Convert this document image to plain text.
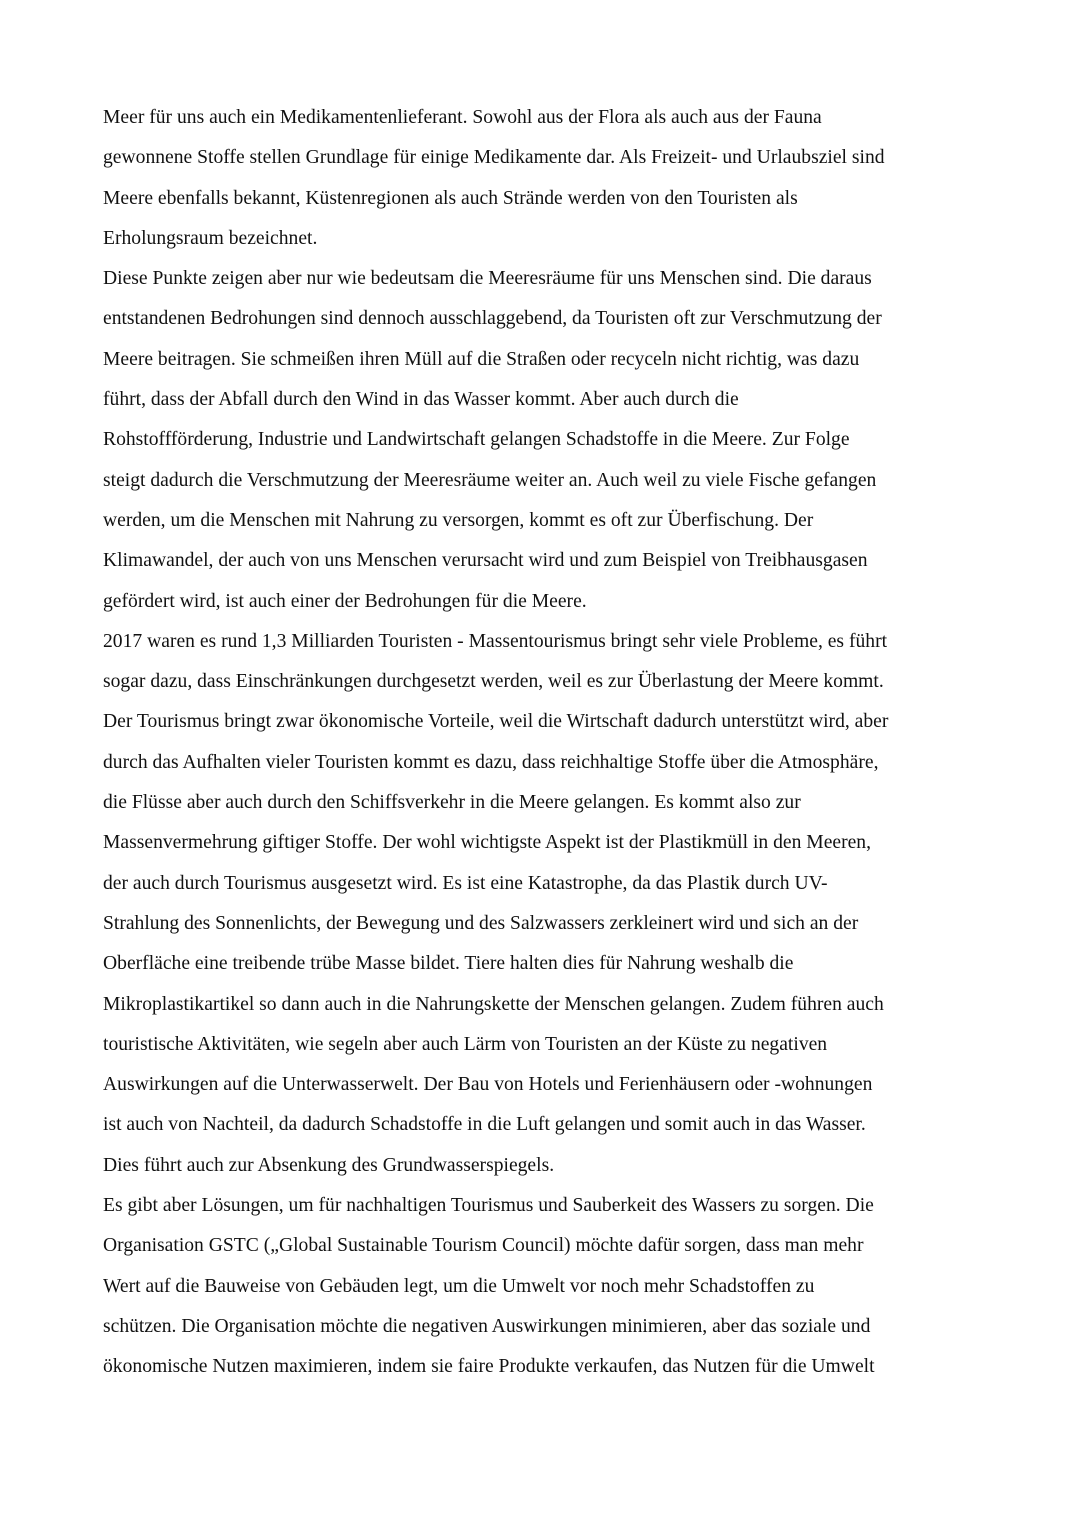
Meer für uns auch ein Medikamentenlieferant. Sowohl aus der Flora als auch aus der Fauna
gewonnene Stoffe stellen Grundlage für einige Medikamente dar. Als Freizeit- und Urlaubsziel sind
Meere ebenfalls bekannt, Küstenregionen als auch Strände werden von den Touristen als
Erholungsraum bezeichnet.
Diese Punkte zeigen aber nur wie bedeutsam die Meeresräume für uns Menschen sind. Die daraus
entstandenen Bedrohungen sind dennoch ausschlaggebend, da Touristen oft zur Verschmutzung der
Meere beitragen. Sie schmeißen ihren Müll auf die Straßen oder recyceln nicht richtig, was dazu
führt, dass der Abfall durch den Wind in das Wasser kommt. Aber auch durch die
Rohstoffförderung, Industrie und Landwirtschaft gelangen Schadstoffe in die Meere. Zur Folge
steigt dadurch die Verschmutzung der Meeresräume weiter an. Auch weil zu viele Fische gefangen
werden, um die Menschen mit Nahrung zu versorgen, kommt es oft zur Überfischung. Der
Klimawandel, der auch von uns Menschen verursacht wird und zum Beispiel von Treibhausgasen
gefördert wird, ist auch einer der Bedrohungen für die Meere.
2017 waren es rund 1,3 Milliarden Touristen - Massentourismus bringt sehr viele Probleme, es führt
sogar dazu, dass Einschränkungen durchgesetzt werden, weil es zur Überlastung der Meere kommt.
Der Tourismus bringt zwar ökonomische Vorteile, weil die Wirtschaft dadurch unterstützt wird, aber
durch das Aufhalten vieler Touristen kommt es dazu, dass reichhaltige Stoffe über die Atmosphäre,
die Flüsse aber auch durch den Schiffsverkehr in die Meere gelangen. Es kommt also zur
Massenvermehrung giftiger Stoffe. Der wohl wichtigste Aspekt ist der Plastikmüll in den Meeren,
der auch durch Tourismus ausgesetzt wird. Es ist eine Katastrophe, da das Plastik durch UV-
Strahlung des Sonnenlichts, der Bewegung und des Salzwassers zerkleinert wird und sich an der
Oberfläche eine treibende trübe Masse bildet. Tiere halten dies für Nahrung weshalb die
Mikroplastikartikel so dann auch in die Nahrungskette der Menschen gelangen. Zudem führen auch
touristische Aktivitäten, wie segeln aber auch Lärm von Touristen an der Küste zu negativen
Auswirkungen auf die Unterwasserwelt. Der Bau von Hotels und Ferienhäusern oder -wohnungen
ist auch von Nachteil, da dadurch Schadstoffe in die Luft gelangen und somit auch in das Wasser.
Dies führt auch zur Absenkung des Grundwasserspiegels.
Es gibt aber Lösungen, um für nachhaltigen Tourismus und Sauberkeit des Wassers zu sorgen. Die
Organisation GSTC („Global Sustainable Tourism Council) möchte dafür sorgen, dass man mehr
Wert auf die Bauweise von Gebäuden legt, um die Umwelt vor noch mehr Schadstoffen zu
schützen. Die Organisation möchte die negativen Auswirkungen minimieren, aber das soziale und
ökonomische Nutzen maximieren, indem sie faire Produkte verkaufen, das Nutzen für die Umwelt
